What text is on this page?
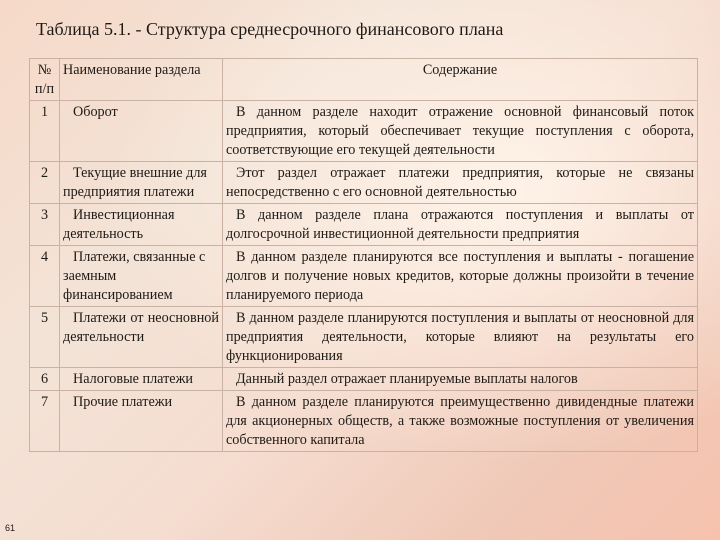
Таблица 5.1. - Структура среднесрочного финансового плана
№ п/п	Наименование раздела	Содержание
1	Оборот	В данном разделе находит отражение основной финансовый поток предприятия, который обеспечивает текущие поступления с оборота, соответствующие его текущей деятельности
2	Текущие внешние для предприятия платежи	Этот раздел отражает платежи предприятия, которые не связаны непосредственно с его основной деятельностью
3	Инвестиционная деятельность	В данном разделе плана отражаются поступления и выплаты от долгосрочной инвестиционной деятельности предприятия
4	Платежи, связанные с заемным финансированием	В данном разделе планируются все поступления и выплаты - погашение долгов и получение новых кредитов, которые должны произойти в течение планируемого периода
5	Платежи от неосновной деятельности	В данном разделе планируются поступления и выплаты от неосновной для предприятия деятельности, которые влияют на результаты его функционирования
6	Налоговые платежи	Данный раздел отражает планируемые выплаты налогов
7	Прочие платежи	В данном разделе планируются преимущественно дивидендные платежи для акционерных обществ, а также возможные поступления от увеличения собственного капитала
61
